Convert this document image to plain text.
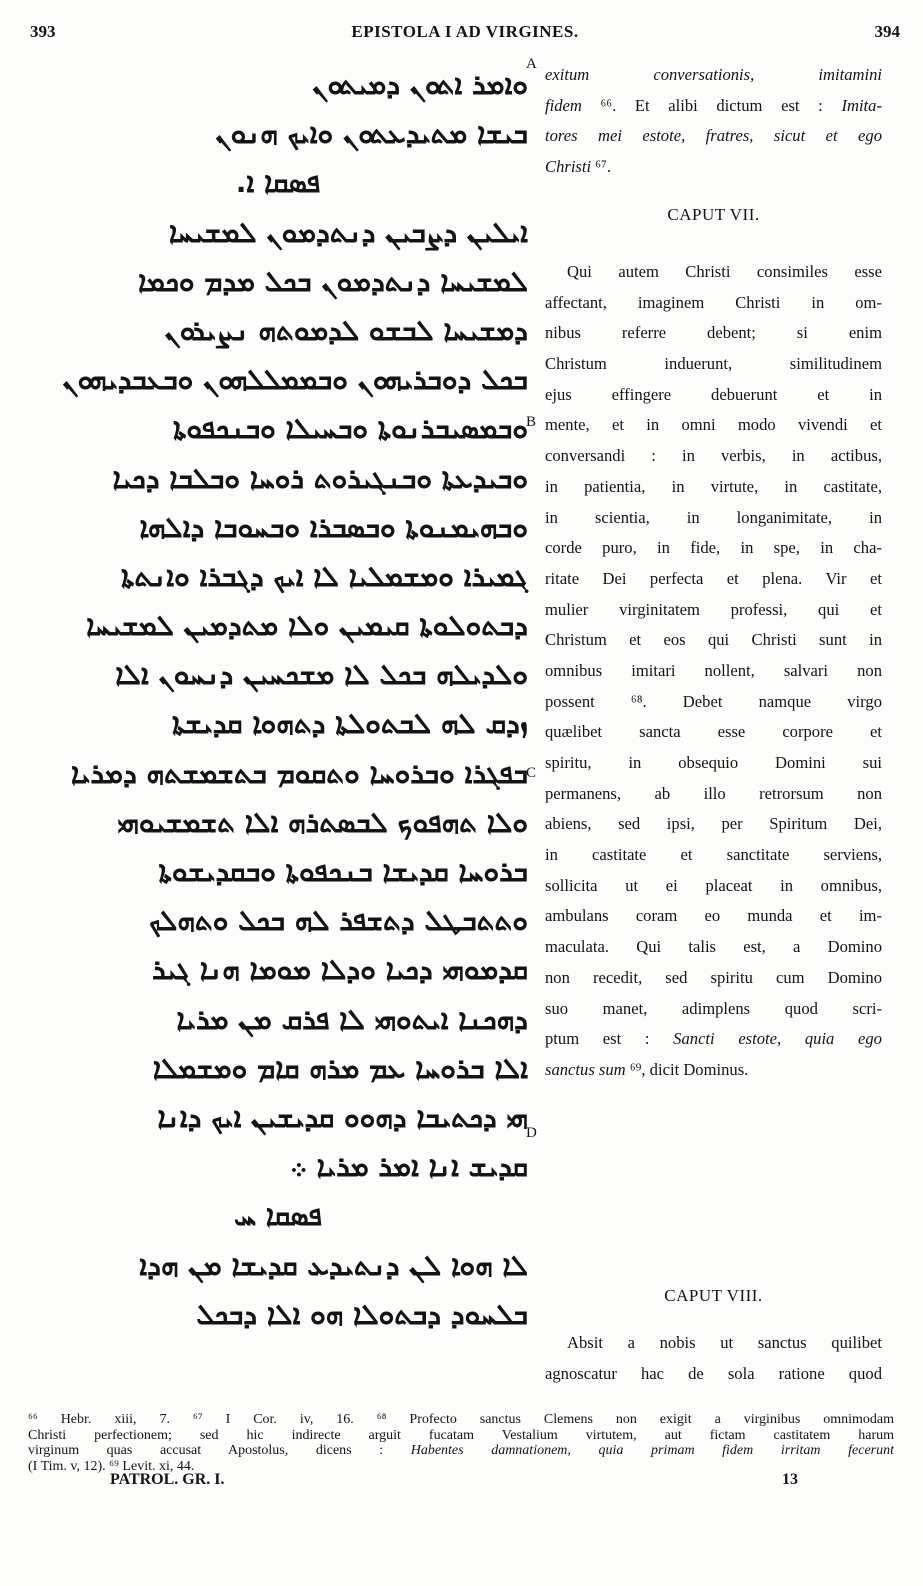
393	EPISTOLA I AD VIRGINES.	394
ܘܐܡܪ ܐܬܘܢ ܕܡܝܬܘܢ
ܒܝܫܐ ܡܬܝܕܥܬܘܢ ܘܐܝܟ ܗܢܘܢ
ܦܣܩܐ ܐ.
ܐܝܠܝܢ ܕܨܒܝܢ ܕܢܬܕܡܘܢ ܠܡܫܝܚܐ
ܠܡܫܝܚܐ ܕܢܬܕܡܘܢ ܒܟܠ ܡܕܡ ܘܟܡܐ
ܕܡܫܝܚܐ ܠܒܫܘ ܠܕܡܘܬܗ ܢܨܝܪܘܢ
ܒܟܠ ܕܘܒܪܝܗܘܢ ܘܒܡܡܠܠܗܘܢ ܘܒܥܒܕܝܗܘܢ
ܘܒܡܣܝܒܪܢܘܬܐ ܘܒܚܝܠܐ ܘܒܢܟܦܘܬܐ
ܘܒܝܕܥܬܐ ܘܒܢܓܝܪܘܬ ܪܘܚܐ ܘܒܠܒܐ ܕܟܝܐ
ܘܒܗܝܡܢܘܬܐ ܘܒܣܒܪܐ ܘܒܚܘܒܐ ܕܐܠܗܐ
ܓܡܝܪܐ ܘܡܫܡܠܝܐ ܠܐ ܐܝܟ ܕܓܒܪܐ ܘܐܢܬܬܐ
ܕܒܬܘܠܘܬܐ ܩܝܡܝܢ ܘܠܐ ܡܬܕܡܝܢ ܠܡܫܝܚܐ
ܘܠܕܝܠܗ ܒܟܠ ܠܐ ܡܫܟܚܝܢ ܕܢܚܘܢ ܐܠܐ
ܙܕܩ ܠܗ ܠܒܬܘܠܬܐ ܕܬܗܘܐ ܩܕܝܫܬܐ
ܒܦܓܪܐ ܘܒܪܘܚܐ ܘܬܩܘܡ ܒܬܫܡܫܬܗ ܕܡܪܝܐ
ܘܠܐ ܬܗܦܘܟ ܠܒܣܬܪܗ ܐܠܐ ܬܫܡܫܝܘܗܝ
ܒܪܘܚܐ ܩܕܝܫܐ ܒܢܟܦܘܬܐ ܘܒܩܕܝܫܘܬܐ
ܘܬܬܒܛܠ ܕܬܫܦܪ ܠܗ ܒܟܠ ܘܬܗܠܟ
ܩܕܡܘܗܝ ܕܟܝܐ ܘܕܠܐ ܡܘܡܐ ܗܢܐ ܓܝܪ
ܕܗܟܢܐ ܐܝܬܘܗܝ ܠܐ ܦܪܩ ܡܢ ܡܪܝܐ
ܐܠܐ ܒܪܘܚܐ ܥܡ ܡܪܗ ܩܐܡ ܘܡܫܡܠܐ
ܗܝ ܕܟܬܝܒܐ ܕܗܘܘ ܩܕܝܫܝܢ ܐܝܟ ܕܐܢܐ
ܩܕܝܫ ܐܢܐ ܐܡܪ ܡܪܝܐ ܀
ܦܣܩܐ ܚ
ܠܐ ܗܘܐ ܠܢ ܕܢܬܝܕܥ ܩܕܝܫܐ ܡܢ ܗܕܐ
ܒܠܚܘܕ ܕܒܬܘܠܐ ܗܘ ܐܠܐ ܕܒܟܠ
A
B
C
D
exitum conversationis, imitamini
fidem ⁶⁶. Et alibi dictum est : Imita-
tores mei estote, fratres, sicut et ego
Christi ⁶⁷.
CAPUT VII.
Qui autem Christi consimiles esse
affectant, imaginem Christi in om-
nibus referre debent; si enim
Christum induerunt, similitudinem
ejus effingere debuerunt et in
mente, et in omni modo vivendi et
conversandi : in verbis, in actibus,
in patientia, in virtute, in castitate,
in scientia, in longanimitate, in
corde puro, in fide, in spe, in cha-
ritate Dei perfecta et plena. Vir et
mulier virginitatem professi, qui et
Christum et eos qui Christi sunt in
omnibus imitari nollent, salvari non
possent ⁶⁸. Debet namque virgo
quælibet sancta esse corpore et
spiritu, in obsequio Domini sui
permanens, ab illo retrorsum non
abiens, sed ipsi, per Spiritum Dei,
in castitate et sanctitate serviens,
sollicita ut ei placeat in omnibus,
ambulans coram eo munda et im-
maculata. Qui talis est, a Domino
non recedit, sed spiritu cum Domino
suo manet, adimplens quod scri-
ptum est : Sancti estote, quia ego
sanctus sum ⁶⁹, dicit Dominus.
CAPUT VIII.
Absit a nobis ut sanctus quilibet
agnoscatur hac de sola ratione quod
⁶⁶ Hebr. xiii, 7. ⁶⁷ I Cor. iv, 16. ⁶⁸ Profecto sanctus Clemens non exigit a virginibus omnimodam
Christi perfectionem; sed hic indirecte arguit fucatam Vestalium virtutem, aut fictam castitatem harum
virginum quas accusat Apostolus, dicens : Habentes damnationem, quia primam fidem irritam fecerunt
(I Tim. v, 12). ⁶⁹ Levit. xi, 44.
PATROL. GR. I.	13
